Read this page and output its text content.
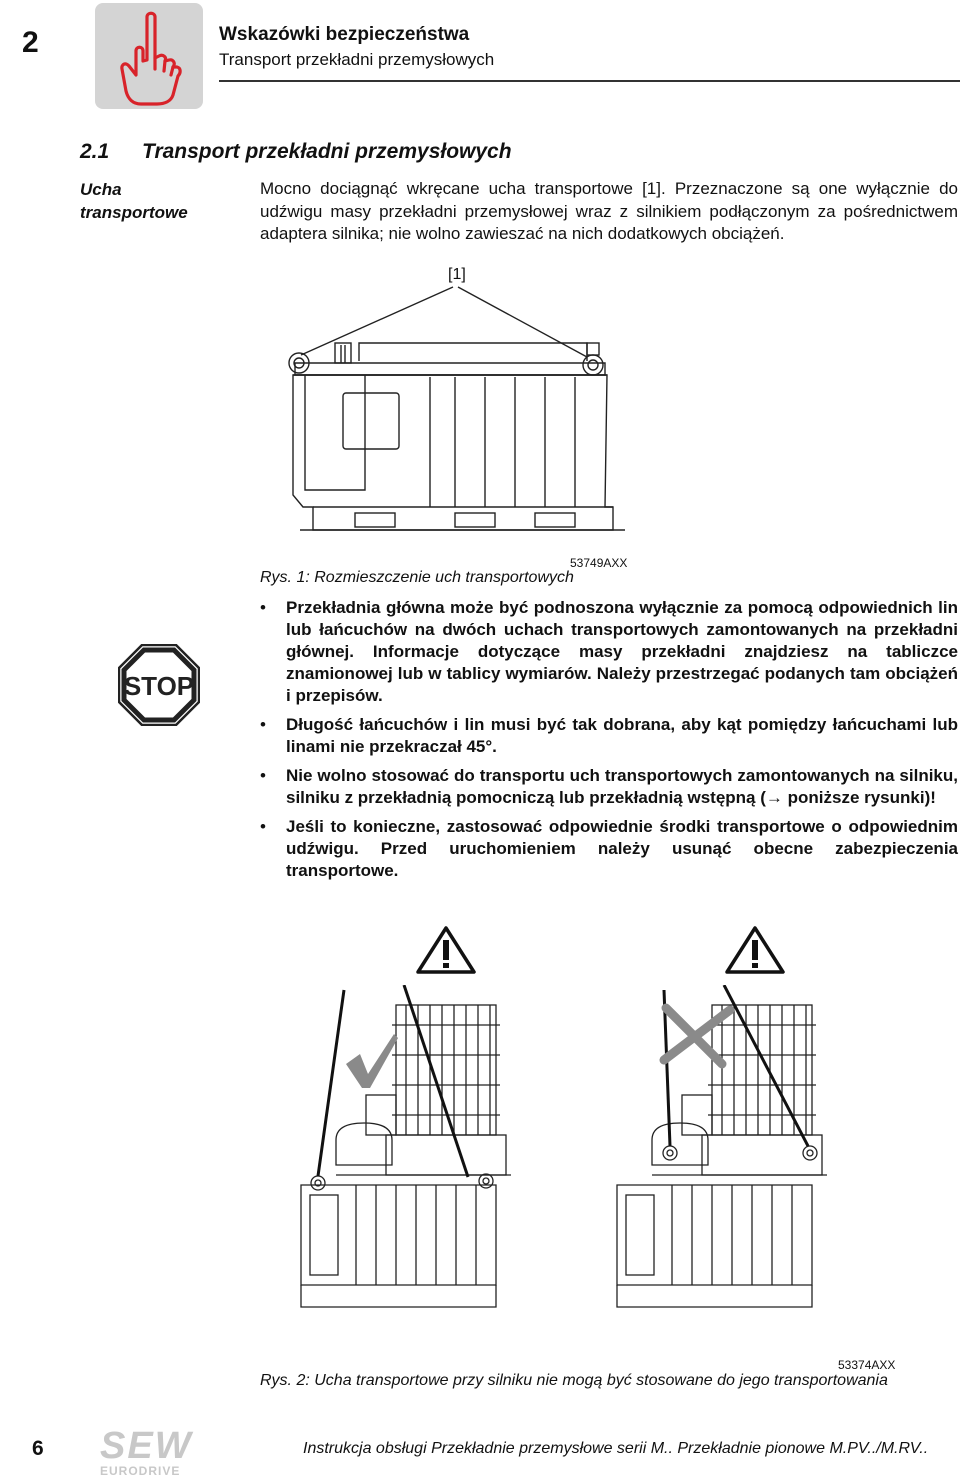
2	Wskazówki bezpieczeństwa
Transport przekładni przemysłowych
2.1 Transport przekładni przemysłowych
Ucha
transportowe
Mocno dociągnąć wkręcane ucha transportowe [1]. Przeznaczone są one wyłącznie do udźwigu masy przekładni przemysłowej wraz z silnikiem podłączonym za pośrednictwem adaptera silnika; nie wolno zawieszać na nich dodatkowych obciążeń.
[1]
53749AXX
Rys. 1: Rozmieszczenie uch transportowych
STOP
• Przekładnia główna może być podnoszona wyłącznie za pomocą odpowiednich lin lub łańcuchów na dwóch uchach transportowych zamontowanych na przekładni głównej. Informacje dotyczące masy przekładni znajdziesz na tabliczce znamionowej lub w tablicy wymiarów. Należy przestrzegać podanych tam obciążeń i przepisów.
• Długość łańcuchów i lin musi być tak dobrana, aby kąt pomiędzy łańcuchami lub linami nie przekraczał 45°.
• Nie wolno stosować do transportu uch transportowych zamontowanych na silniku, silniku z przekładnią pomocniczą lub przekładnią wstępną (→ poniższe rysunki)!
• Jeśli to konieczne, zastosować odpowiednie środki transportowe o odpowiednim udźwigu. Przed uruchomieniem należy usunąć obecne zabezpieczenia transportowe.
53374AXX
Rys. 2: Ucha transportowe przy silniku nie mogą być stosowane do jego transportowania
6 SEW
EURODRIVE
Instrukcja obsługi Przekładnie przemysłowe serii M.. Przekładnie pionowe M.PV../M.RV..
